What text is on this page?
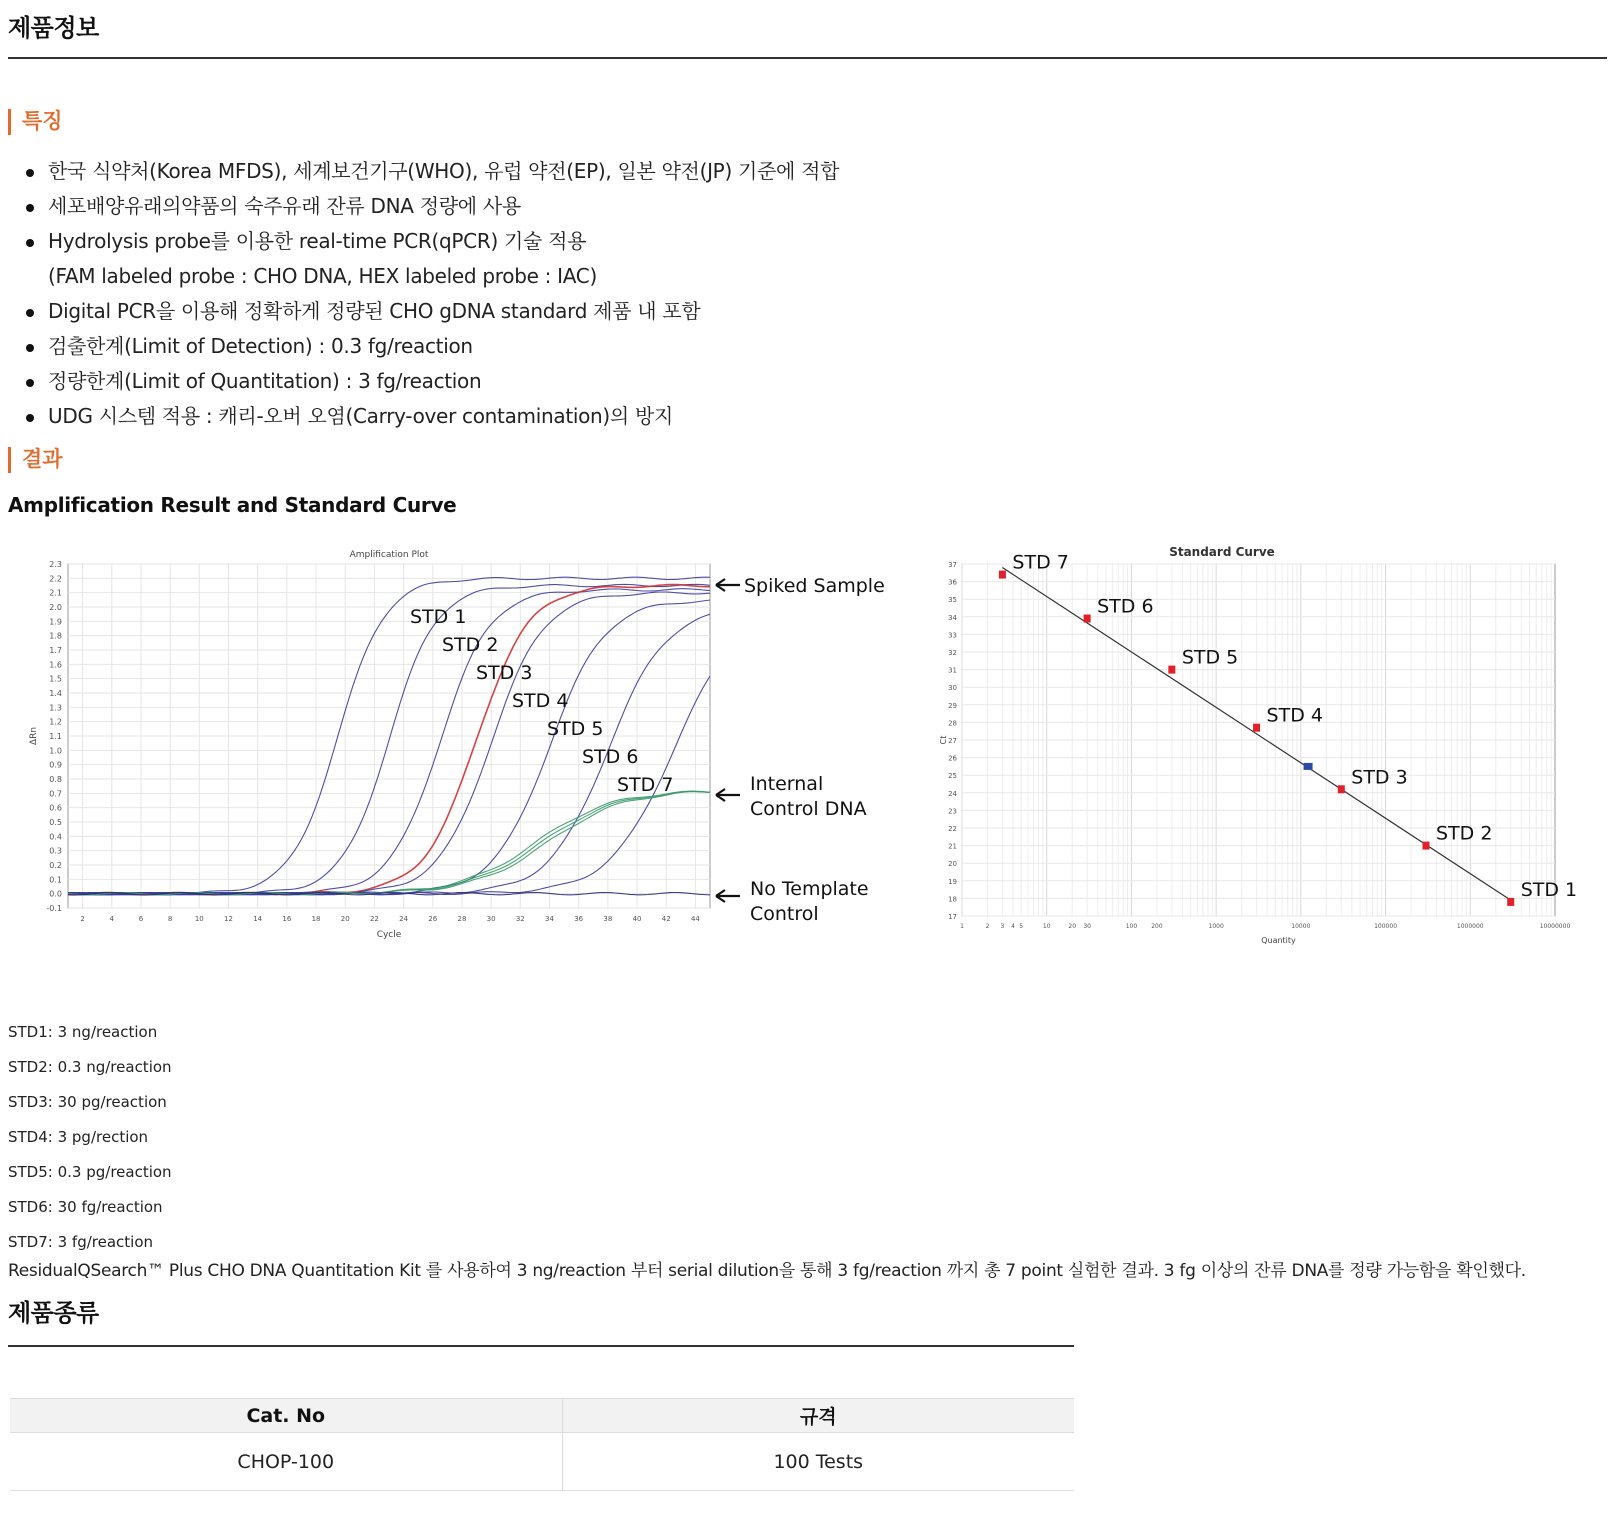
제품정보
특징
한국 식약처(Korea MFDS), 세계보건기구(WHO), 유럽 약전(EP), 일본 약전(JP) 기준에 적합
세포배양유래의약품의 숙주유래 잔류 DNA 정량에 사용
Hydrolysis probe를 이용한 real-time PCR(qPCR) 기술 적용
(FAM labeled probe : CHO DNA, HEX labeled probe : IAC)
Digital PCR을 이용해 정확하게 정량된 CHO gDNA standard 제품 내 포함
검출한계(Limit of Detection) : 0.3 fg/reaction
정량한계(Limit of Quantitation) : 3 fg/reaction
UDG 시스템 적용 : 캐리-오버 오염(Carry-over contamination)의 방지
결과
Amplification Result and Standard Curve
Amplification Plot
2.3
2.2
2.1
2.0
1.9
1.8
1.7
1.6
1.5
1.4
1.3
1.2
1.1
1.0
0.9
0.8
0.7
0.6
0.5
0.4
0.3
0.2
0.1
0.0
-0.1
2	4	6	8	10	12	14	16	18	20	22	24	26	28	30	32	34	36	38	40	42	44
Cycle
ΔRn
STD 1
STD 2
STD 3
STD 4
STD 5
STD 6
STD 7
Spiked Sample
Internal
Control DNA
No Template
Control
Standard Curve
37
36
35
34
33
32
31
30
29
28
27
26
25
24
23
22
21
20
19
18
17
1	2 3 4 5	10	20 30	100 200	1000	10000	100000	1000000	10000000
Quantity
Ct
STD 7
STD 6
STD 5
STD 4
STD 3
STD 2
STD 1
STD1: 3 ng/reaction
STD2: 0.3 ng/reaction
STD3: 30 pg/reaction
STD4: 3 pg/rection
STD5: 0.3 pg/reaction
STD6: 30 fg/reaction
STD7: 3 fg/reaction
ResidualQSearch™ Plus CHO DNA Quantitation Kit 를 사용하여 3 ng/reaction 부터 serial dilution을 통해 3 fg/reaction 까지 총 7 point 실험한 결과. 3 fg 이상의 잔류 DNA를 정량 가능함을 확인했다.
제품종류
Cat. No	규격
CHOP-100	100 Tests
